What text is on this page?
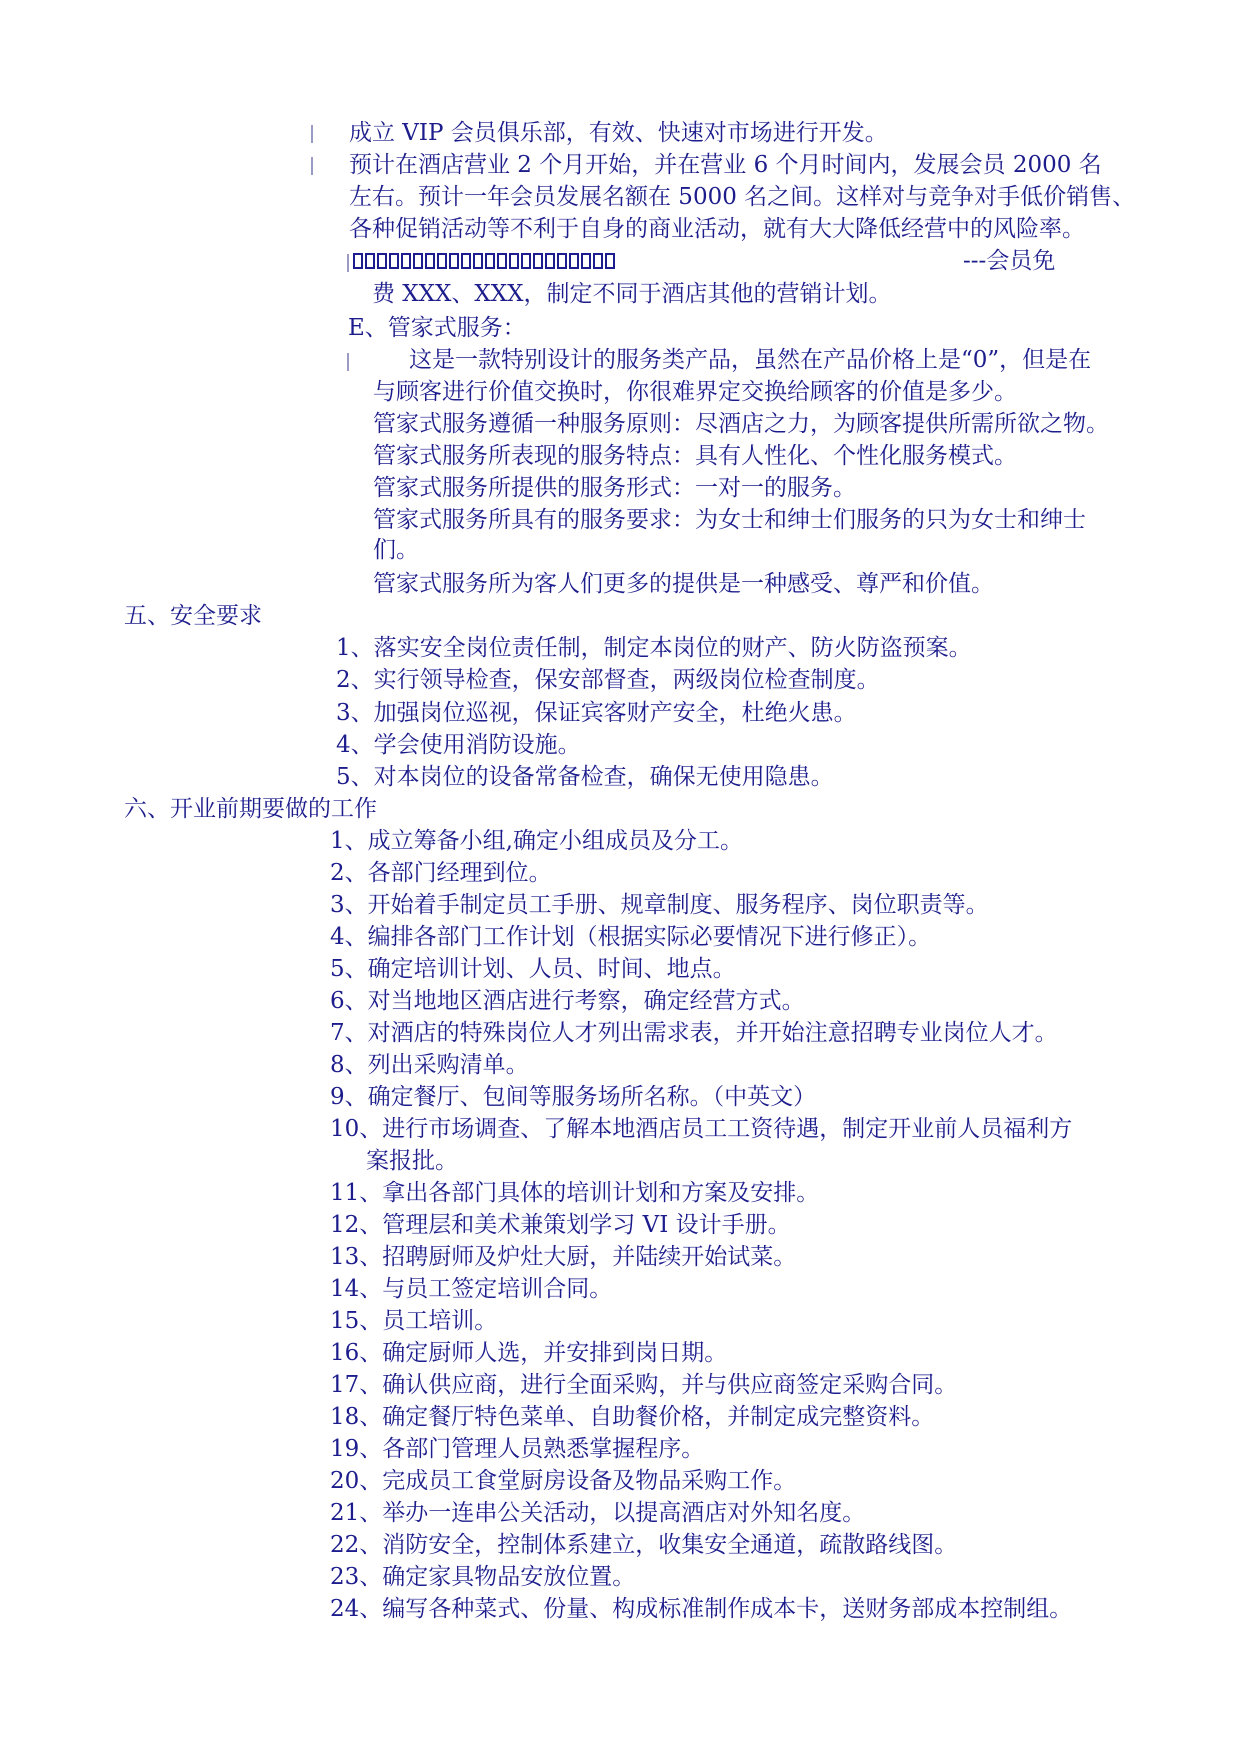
成立 VIP 会员俱乐部，有效、快速对市场进行开发。
预计在酒店营业 2 个月开始，并在营业 6 个月时间内，发展会员 2000 名
左右。预计一年会员发展名额在 5000 名之间。这样对与竞争对手低价销售、
各种促销活动等不利于自身的商业活动，就有大大降低经营中的风险率。
---会员免
费 XXX、XXX，制定不同于酒店其他的营销计划。
E、管家式服务：
这是一款特别设计的服务类产品，虽然在产品价格上是“0”，但是在
与顾客进行价值交换时，你很难界定交换给顾客的价值是多少。
管家式服务遵循一种服务原则：尽酒店之力，为顾客提供所需所欲之物。
管家式服务所表现的服务特点：具有人性化、个性化服务模式。
管家式服务所提供的服务形式：一对一的服务。
管家式服务所具有的服务要求：为女士和绅士们服务的只为女士和绅士
们。
管家式服务所为客人们更多的提供是一种感受、尊严和价值。
五、安全要求
1、落实安全岗位责任制，制定本岗位的财产、防火防盗预案。
2、实行领导检查，保安部督查，两级岗位检查制度。
3、加强岗位巡视，保证宾客财产安全，杜绝火患。
4、学会使用消防设施。
5、对本岗位的设备常备检查，确保无使用隐患。
六、开业前期要做的工作
1、成立筹备小组,确定小组成员及分工。
2、各部门经理到位。
3、开始着手制定员工手册、规章制度、服务程序、岗位职责等。
4、编排各部门工作计划（根据实际必要情况下进行修正）。
5、确定培训计划、人员、时间、地点。
6、对当地地区酒店进行考察，确定经营方式。
7、对酒店的特殊岗位人才列出需求表，并开始注意招聘专业岗位人才。
8、列出采购清单。
9、确定餐厅、包间等服务场所名称。（中英文）
10、进行市场调查、了解本地酒店员工工资待遇，制定开业前人员福利方
案报批。
11、拿出各部门具体的培训计划和方案及安排。
12、管理层和美术兼策划学习 VI 设计手册。
13、招聘厨师及炉灶大厨，并陆续开始试菜。
14、与员工签定培训合同。
15、员工培训。
16、确定厨师人选，并安排到岗日期。
17、确认供应商，进行全面采购，并与供应商签定采购合同。
18、确定餐厅特色菜单、自助餐价格，并制定成完整资料。
19、各部门管理人员熟悉掌握程序。
20、完成员工食堂厨房设备及物品采购工作。
21、举办一连串公关活动，以提高酒店对外知名度。
22、消防安全，控制体系建立，收集安全通道，疏散路线图。
23、确定家具物品安放位置。
24、编写各种菜式、份量、构成标准制作成本卡，送财务部成本控制组。
